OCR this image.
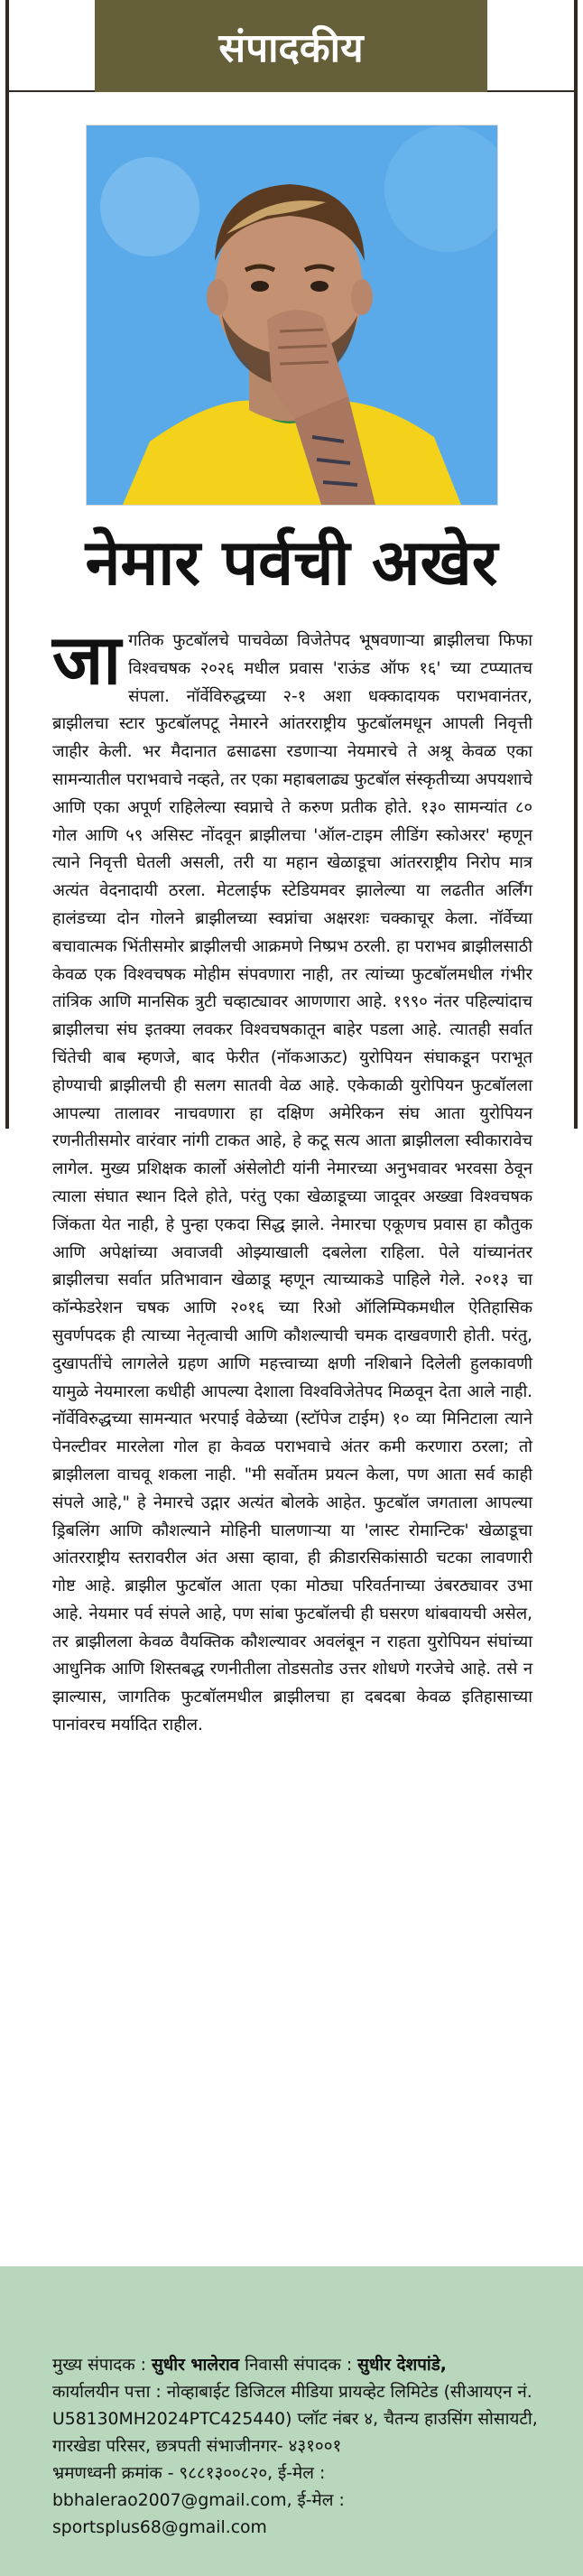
संपादकीय
नेमार पर्वची अखेर
जागतिक फुटबॉलचे पाचवेळा विजेतेपद भूषवणाऱ्या ब्राझीलचा फिफा विश्वचषक २०२६ मधील प्रवास 'राऊंड ऑफ १६' च्या टप्प्यातच संपला. नॉर्वेविरुद्धच्या २-१ अशा धक्कादायक पराभवानंतर, ब्राझीलचा स्टार फुटबॉलपटू नेमारने आंतरराष्ट्रीय फुटबॉलमधून आपली निवृत्ती जाहीर केली. भर मैदानात ढसाढसा रडणाऱ्या नेयमारचे ते अश्रू केवळ एका सामन्यातील पराभवाचे नव्हते, तर एका महाबलाढ्य फुटबॉल संस्कृतीच्या अपयशाचे आणि एका अपूर्ण राहिलेल्या स्वप्नाचे ते करुण प्रतीक होते. १३० सामन्यांत ८० गोल आणि ५९ असिस्ट नोंदवून ब्राझीलचा 'ऑल-टाइम लीडिंग स्कोअरर' म्हणून त्याने निवृत्ती घेतली असली, तरी या महान खेळाडूचा आंतरराष्ट्रीय निरोप मात्र अत्यंत वेदनादायी ठरला. मेटलाईफ स्टेडियमवर झालेल्या या लढतीत अर्लिंग हालंडच्या दोन गोलने ब्राझीलच्या स्वप्नांचा अक्षरशः चक्काचूर केला. नॉर्वेच्या बचावात्मक भिंतीसमोर ब्राझीलची आक्रमणे निष्प्रभ ठरली. हा पराभव ब्राझीलसाठी केवळ एक विश्वचषक मोहीम संपवणारा नाही, तर त्यांच्या फुटबॉलमधील गंभीर तांत्रिक आणि मानसिक त्रुटी चव्हाट्यावर आणणारा आहे. १९९० नंतर पहिल्यांदाच ब्राझीलचा संघ इतक्या लवकर विश्वचषकातून बाहेर पडला आहे. त्यातही सर्वात चिंतेची बाब म्हणजे, बाद फेरीत (नॉकआऊट) युरोपियन संघाकडून पराभूत होण्याची ब्राझीलची ही सलग सातवी वेळ आहे. एकेकाळी युरोपियन फुटबॉलला आपल्या तालावर नाचवणारा हा दक्षिण अमेरिकन संघ आता युरोपियन रणनीतीसमोर वारंवार नांगी टाकत आहे, हे कटू सत्य आता ब्राझीलला स्वीकारावेच लागेल. मुख्य प्रशिक्षक कार्लो अंसेलोटी यांनी नेमारच्या अनुभवावर भरवसा ठेवून त्याला संघात स्थान दिले होते, परंतु एका खेळाडूच्या जादूवर अख्खा विश्वचषक जिंकता येत नाही, हे पुन्हा एकदा सिद्ध झाले. नेमारचा एकूणच प्रवास हा कौतुक आणि अपेक्षांच्या अवाजवी ओझ्याखाली दबलेला राहिला. पेले यांच्यानंतर ब्राझीलचा सर्वात प्रतिभावान खेळाडू म्हणून त्याच्याकडे पाहिले गेले. २०१३ चा कॉन्फेडरेशन चषक आणि २०१६ च्या रिओ ऑलिम्पिकमधील ऐतिहासिक सुवर्णपदक ही त्याच्या नेतृत्वाची आणि कौशल्याची चमक दाखवणारी होती. परंतु, दुखापतींचे लागलेले ग्रहण आणि महत्त्वाच्या क्षणी नशिबाने दिलेली हुलकावणी यामुळे नेयमारला कधीही आपल्या देशाला विश्वविजेतेपद मिळवून देता आले नाही. नॉर्वेविरुद्धच्या सामन्यात भरपाई वेळेच्या (स्टॉपेज टाईम) १० व्या मिनिटाला त्याने पेनल्टीवर मारलेला गोल हा केवळ पराभवाचे अंतर कमी करणारा ठरला; तो ब्राझीलला वाचवू शकला नाही. "मी सर्वोतम प्रयत्न केला, पण आता सर्व काही संपले आहे," हे नेमारचे उद्गार अत्यंत बोलके आहेत. फुटबॉल जगताला आपल्या ड्रिबलिंग आणि कौशल्याने मोहिनी घालणाऱ्या या 'लास्ट रोमान्टिक' खेळाडूचा आंतरराष्ट्रीय स्तरावरील अंत असा व्हावा, ही क्रीडारसिकांसाठी चटका लावणारी गोष्ट आहे. ब्राझील फुटबॉल आता एका मोठ्या परिवर्तनाच्या उंबरठ्यावर उभा आहे. नेयमार पर्व संपले आहे, पण सांबा फुटबॉलची ही घसरण थांबवायची असेल, तर ब्राझीलला केवळ वैयक्तिक कौशल्यावर अवलंबून न राहता युरोपियन संघांच्या आधुनिक आणि शिस्तबद्ध रणनीतीला तोडसतोड उत्तर शोधणे गरजेचे आहे. तसे न झाल्यास, जागतिक फुटबॉलमधील ब्राझीलचा हा दबदबा केवळ इतिहासाच्या पानांवरच मर्यादित राहील.
मुख्य संपादक : सुधीर भालेराव निवासी संपादक : सुधीर देशपांडे,
कार्यालयीन पत्ता : नोव्हाबाईट डिजिटल मीडिया प्रायव्हेट लिमिटेड (सीआयएन नं. U58130MH2024PTC425440) प्लॉट नंबर ४, चैतन्य हाउसिंग सोसायटी, गारखेडा परिसर, छत्रपती संभाजीनगर- ४३१००१
भ्रमणध्वनी क्रमांक - ९८८१३००८२०, ई-मेल : bbhalerao2007@gmail.com, ई-मेल : sportsplus68@gmail.com
